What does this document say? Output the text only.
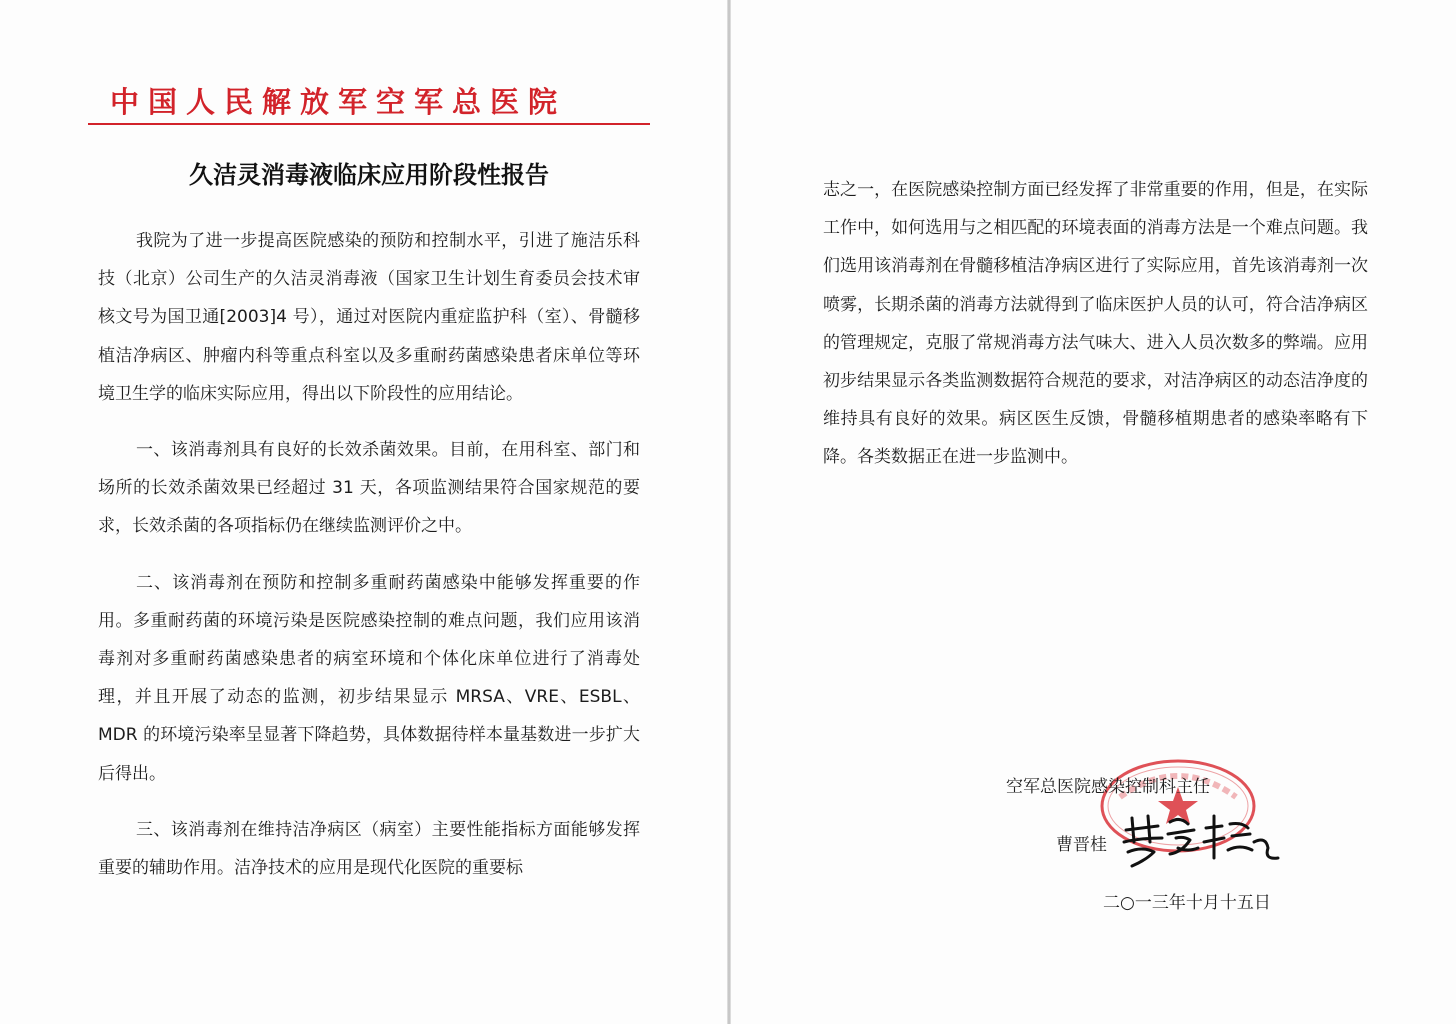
中国人民解放军空军总医院
久洁灵消毒液临床应用阶段性报告

我院为了进一步提高医院感染的预防和控制水平，引进了施洁乐科技（北京）公司生产的久洁灵消毒液（国家卫生计划生育委员会技术审核文号为国卫通[2003]4 号），通过对医院内重症监护科（室）、骨髓移植洁净病区、肿瘤内科等重点科室以及多重耐药菌感染患者床单位等环境卫生学的临床实际应用，得出以下阶段性的应用结论。

一、该消毒剂具有良好的长效杀菌效果。目前，在用科室、部门和场所的长效杀菌效果已经超过 31 天，各项监测结果符合国家规范的要求，长效杀菌的各项指标仍在继续监测评价之中。

二、该消毒剂在预防和控制多重耐药菌感染中能够发挥重要的作用。多重耐药菌的环境污染是医院感染控制的难点问题，我们应用该消毒剂对多重耐药菌感染患者的病室环境和个体化床单位进行了消毒处理，并且开展了动态的监测，初步结果显示 MRSA、VRE、ESBL、MDR 的环境污染率呈显著下降趋势，具体数据待样本量基数进一步扩大后得出。

三、该消毒剂在维持洁净病区（病室）主要性能指标方面能够发挥重要的辅助作用。洁净技术的应用是现代化医院的重要标

志之一，在医院感染控制方面已经发挥了非常重要的作用，但是，在实际工作中，如何选用与之相匹配的环境表面的消毒方法是一个难点问题。我们选用该消毒剂在骨髓移植洁净病区进行了实际应用，首先该消毒剂一次喷雾，长期杀菌的消毒方法就得到了临床医护人员的认可，符合洁净病区的管理规定，克服了常规消毒方法气味大、进入人员次数多的弊端。应用初步结果显示各类监测数据符合规范的要求，对洁净病区的动态洁净度的维持具有良好的效果。病区医生反馈，骨髓移植期患者的感染率略有下降。各类数据正在进一步监测中。

空军总医院感染控制科主任

曹晋桂

二○一三年十月十五日
